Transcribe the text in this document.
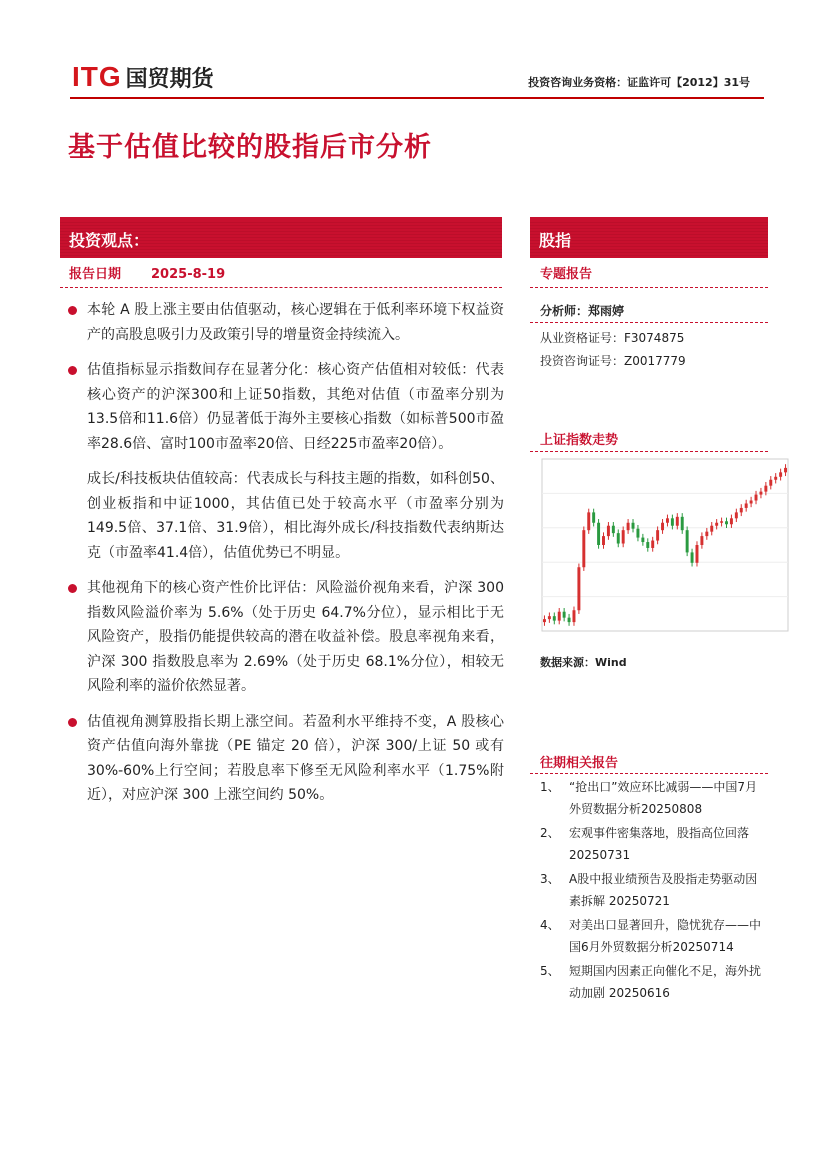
ITG 国贸期货	投资咨询业务资格：证监许可【2012】31号
基于估值比较的股指后市分析
投资观点：	股指
报告日期 2025-8-19
本轮 A 股上涨主要由估值驱动，核心逻辑在于低利率环境下权益资产的高股息吸引力及政策引导的增量资金持续流入。
估值指标显示指数间存在显著分化：核心资产估值相对较低：代表核心资产的沪深300和上证50指数，其绝对估值（市盈率分别为13.5倍和11.6倍）仍显著低于海外主要核心指数（如标普500市盈率28.6倍、富时100市盈率20倍、日经225市盈率20倍）。
成长/科技板块估值较高：代表成长与科技主题的指数，如科创50、创业板指和中证1000，其估值已处于较高水平（市盈率分别为149.5倍、37.1倍、31.9倍），相比海外成长/科技指数代表纳斯达克（市盈率41.4倍），估值优势已不明显。
其他视角下的核心资产性价比评估：风险溢价视角来看，沪深 300 指数风险溢价率为 5.6%（处于历史 64.7%分位），显示相比于无风险资产，股指仍能提供较高的潜在收益补偿。股息率视角来看，沪深 300 指数股息率为 2.69%（处于历史 68.1%分位），相较无风险利率的溢价依然显著。
估值视角测算股指长期上涨空间。若盈利水平维持不变，A 股核心资产估值向海外靠拢（PE 锚定 20 倍），沪深 300/上证 50 或有 30%-60%上行空间；若股息率下修至无风险利率水平（1.75%附近），对应沪深 300 上涨空间约 50%。
专题报告
分析师：郑雨婷
从业资格证号：F3074875
投资咨询证号：Z0017779
上证指数走势
数据来源：Wind
往期相关报告
1、 “抢出口”效应环比减弱——中国7月外贸数据分析20250808
2、 宏观事件密集落地，股指高位回落 20250731
3、 A股中报业绩预告及股指走势驱动因素拆解 20250721
4、 对美出口显著回升，隐忧犹存——中国6月外贸数据分析20250714
5、 短期国内因素正向催化不足，海外扰动加剧 20250616
